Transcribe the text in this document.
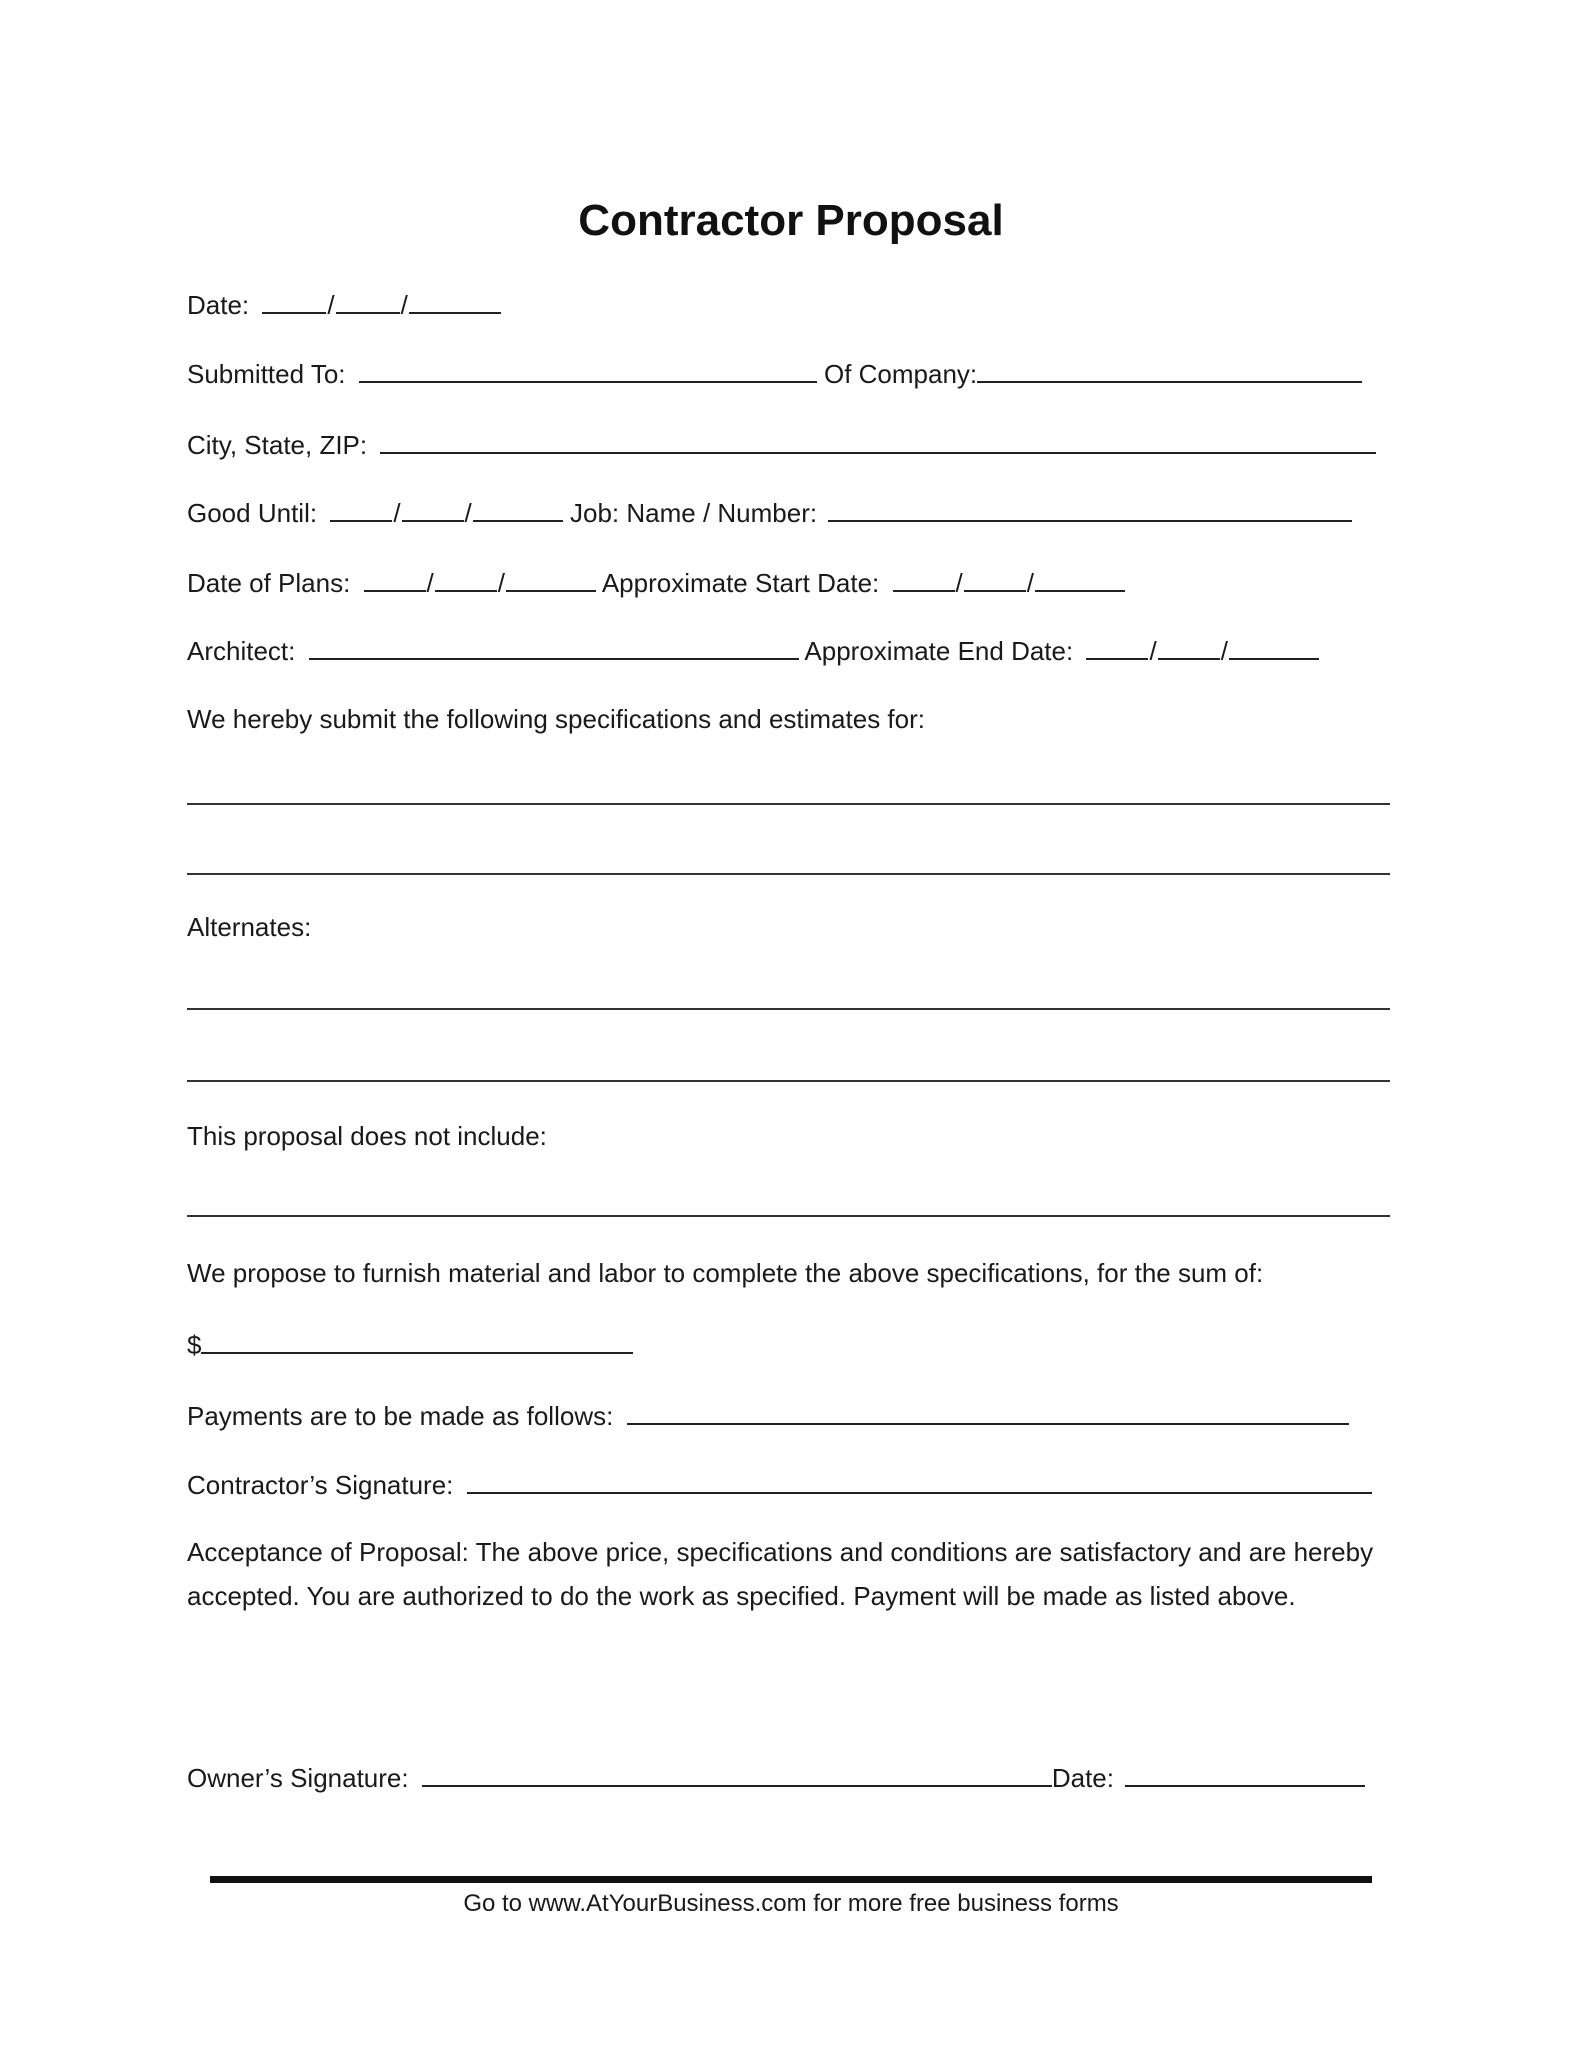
Contractor Proposal
Date:	/	/
Submitted To:	Of Company:
City, State, ZIP:
Good Until:	/ /	Job: Name / Number:
Date of Plans:	/ /	Approximate Start Date:	/ /
Architect:	Approximate End Date:	/ /
We hereby submit the following specifications and estimates for:
Alternates:
This proposal does not include:
We propose to furnish material and labor to complete the above specifications, for the sum of:
$
Payments are to be made as follows:
Contractor’s Signature:
Acceptance of Proposal: The above price, specifications and conditions are satisfactory and are hereby accepted. You are authorized to do the work as specified. Payment will be made as listed above.
Owner’s Signature:	Date:
Go to www.AtYourBusiness.com for more free business forms
